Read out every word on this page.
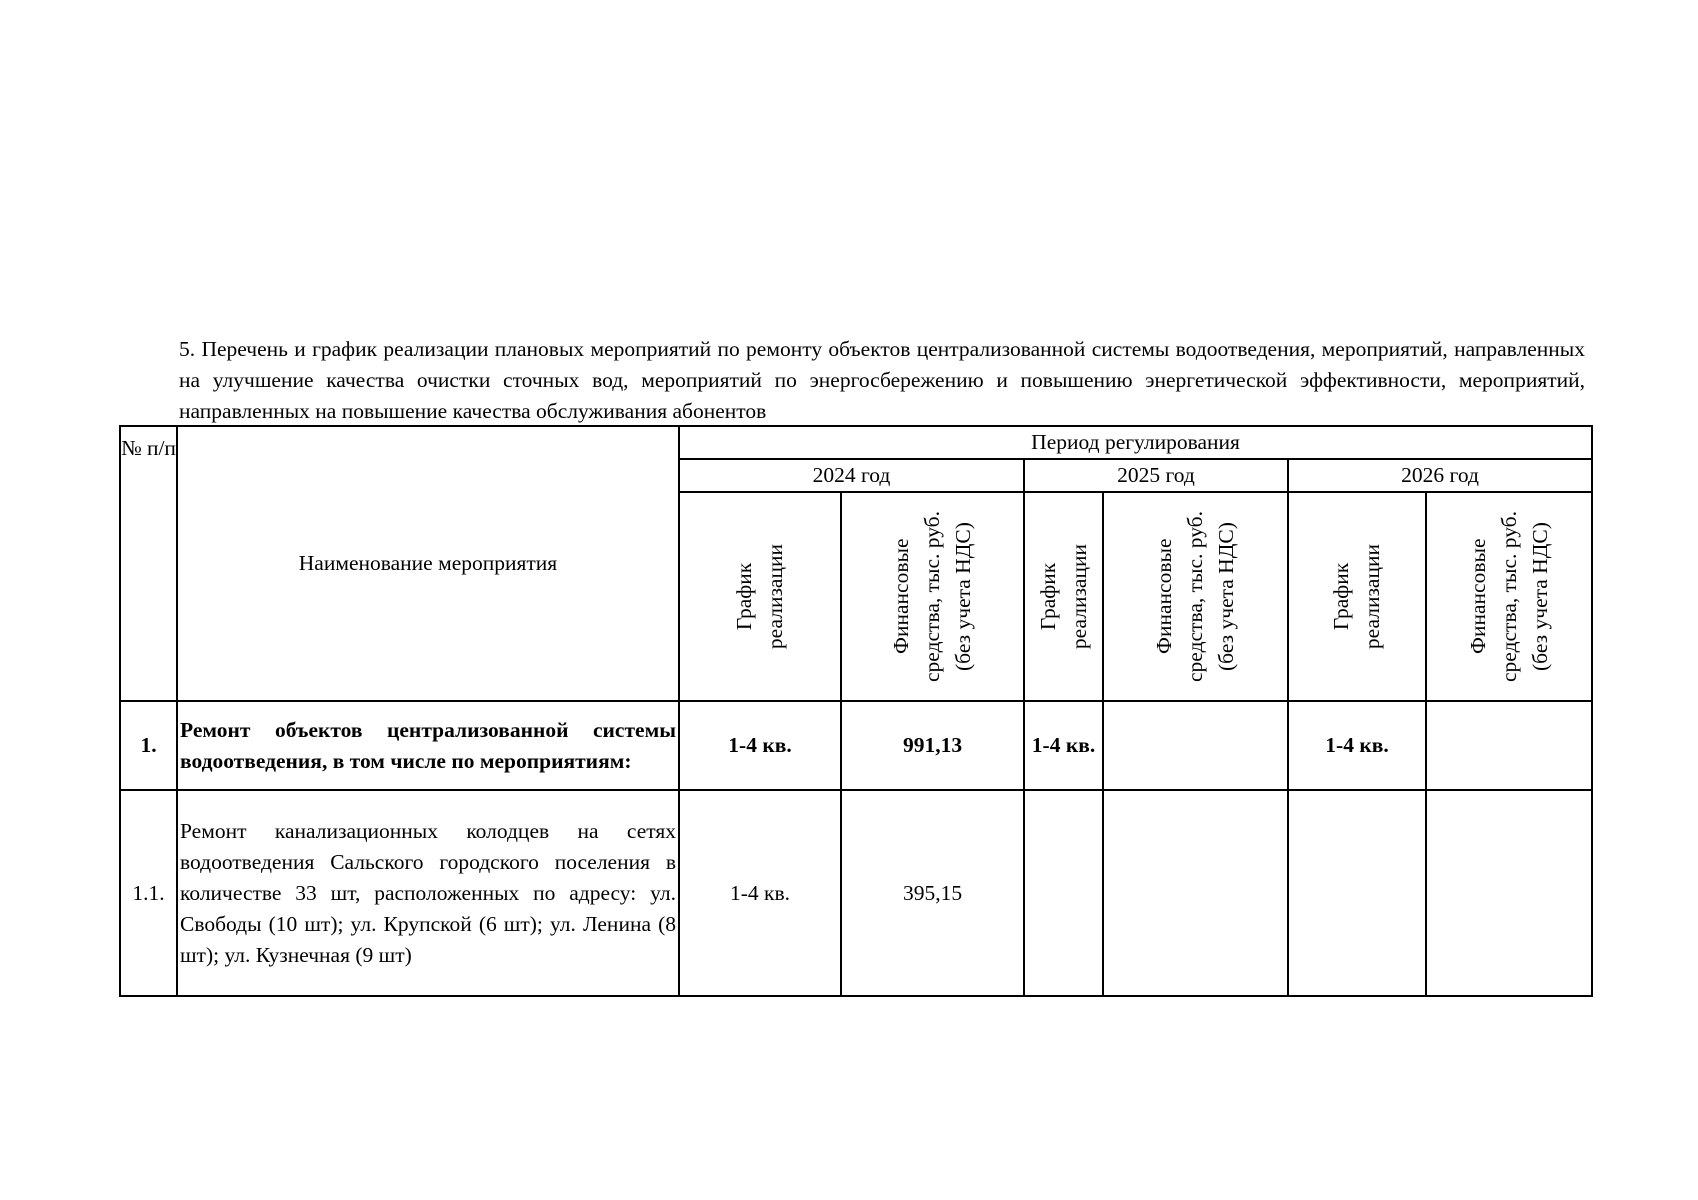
5. Перечень и график реализации плановых мероприятий по ремонту объектов централизованной системы водоотведения, мероприятий, направленных на улучшение качества очистки сточных вод, мероприятий по энергосбережению и повышению энергетической эффективности, мероприятий, направленных на повышение качества обслуживания абонентов
№ п/п	Наименование мероприятия	Период регулирования					
		2024 год		2025 год		2026 год	

		График реализации	Финансовые средства, тыс. руб. (без учета НДС)	График реализации	Финансовые средства, тыс. руб. (без учета НДС)	График реализации	Финансовые средства, тыс. руб. (без учета НДС)

1.	Ремонт объектов централизованной системы водоотведения, в том числе по мероприятиям:	1-4 кв.	991,13	1-4 кв.		1-4 кв.	
1.1.	Ремонт канализационных колодцев на сетях водоотведения Сальского городского поселения в количестве 33 шт, расположенных по адресу: ул. Свободы (10 шт); ул. Крупской (6 шт); ул. Ленина (8 шт); ул. Кузнечная (9 шт)	1-4 кв.	395,15				
